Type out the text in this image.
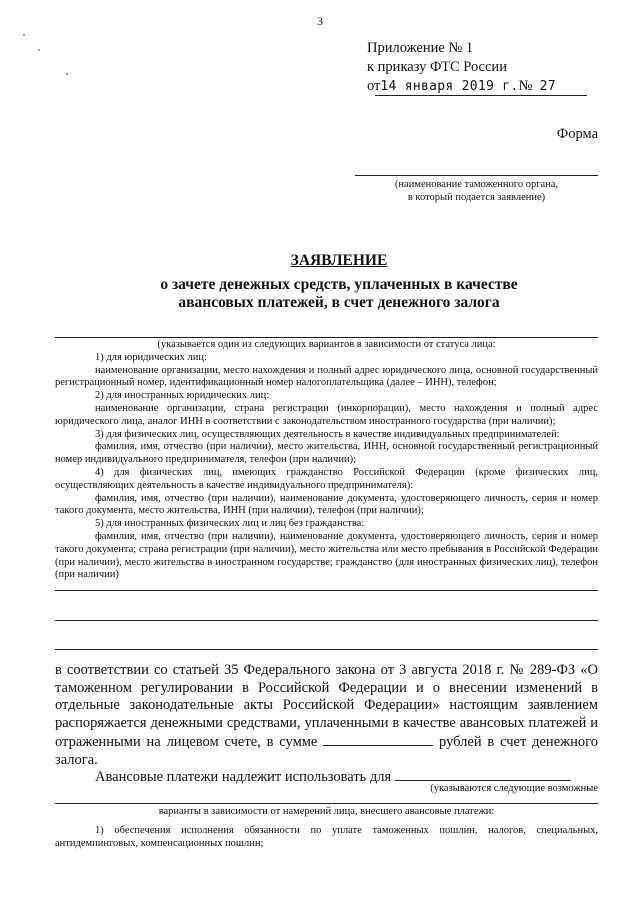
3
Приложение № 1
к приказу ФТС России
от14 января 2019 г.№ 27
Форма
(наименование таможенного органа,
в который подается заявление)
ЗАЯВЛЕНИЕ
о зачете денежных средств, уплаченных в качестве
авансовых платежей, в счет денежного залога

(указывается один из следующих вариантов в зависимости от статуса лица:

1) для юридических лиц:

наименование организации, место нахождения и полный адрес юридического лица, основной государственный регистрационный номер, идентификационный номер налогоплательщика (далее – ИНН), телефон;

2) для иностранных юридических лиц:

наименование организации, страна регистрации (инкорпорации), место нахождения и полный адрес юридического лица, аналог ИНН в соответствии с законодательством иностранного государства (при наличии);

3) для физических лиц, осуществляющих деятельность в качестве индивидуальных предпринимателей:

фамилия, имя, отчество (при наличии), место жительства, ИНН, основной государственный регистрационный номер индивидуального предпринимателя, телефон (при наличии);

4) для физических лиц, имеющих гражданство Российской Федерации (кроме физических лиц, осуществляющих деятельность в качестве индивидуального предпринимателя):

фамилия, имя, отчество (при наличии), наименование документа, удостоверяющего личность, серия и номер такого документа, место жительства, ИНН (при наличии), телефон (при наличии);

5) для иностранных физических лиц и лиц без гражданства:

фамилия, имя, отчество (при наличии), наименование документа, удостоверяющего личность, серия и номер такого документа; страна регистрации (при наличии), место жительства или место пребывания в Российской Федерации (при наличии), место жительства в иностранном государстве; гражданство (для иностранных физических лиц), телефон (при наличии)

в соответствии со статьей 35 Федерального закона от 3 августа 2018 г. № 289-ФЗ «О таможенном регулировании в Российской Федерации и о внесении изменений в отдельные законодательные акты Российской Федерации» настоящим заявлением распоряжается денежными средствами, уплаченными в качестве авансовых платежей и отраженными на лицевом счете, в сумме	рублей в счет денежного залога.

Авансовые платежи надлежит использовать для
(указываются следующие возможные

варианты в зависимости от намерений лица, внесшего авансовые платежи:

1) обеспечения исполнения обязанности по уплате таможенных пошлин, налогов, специальных, антидемпинговых, компенсационных пошлин;
